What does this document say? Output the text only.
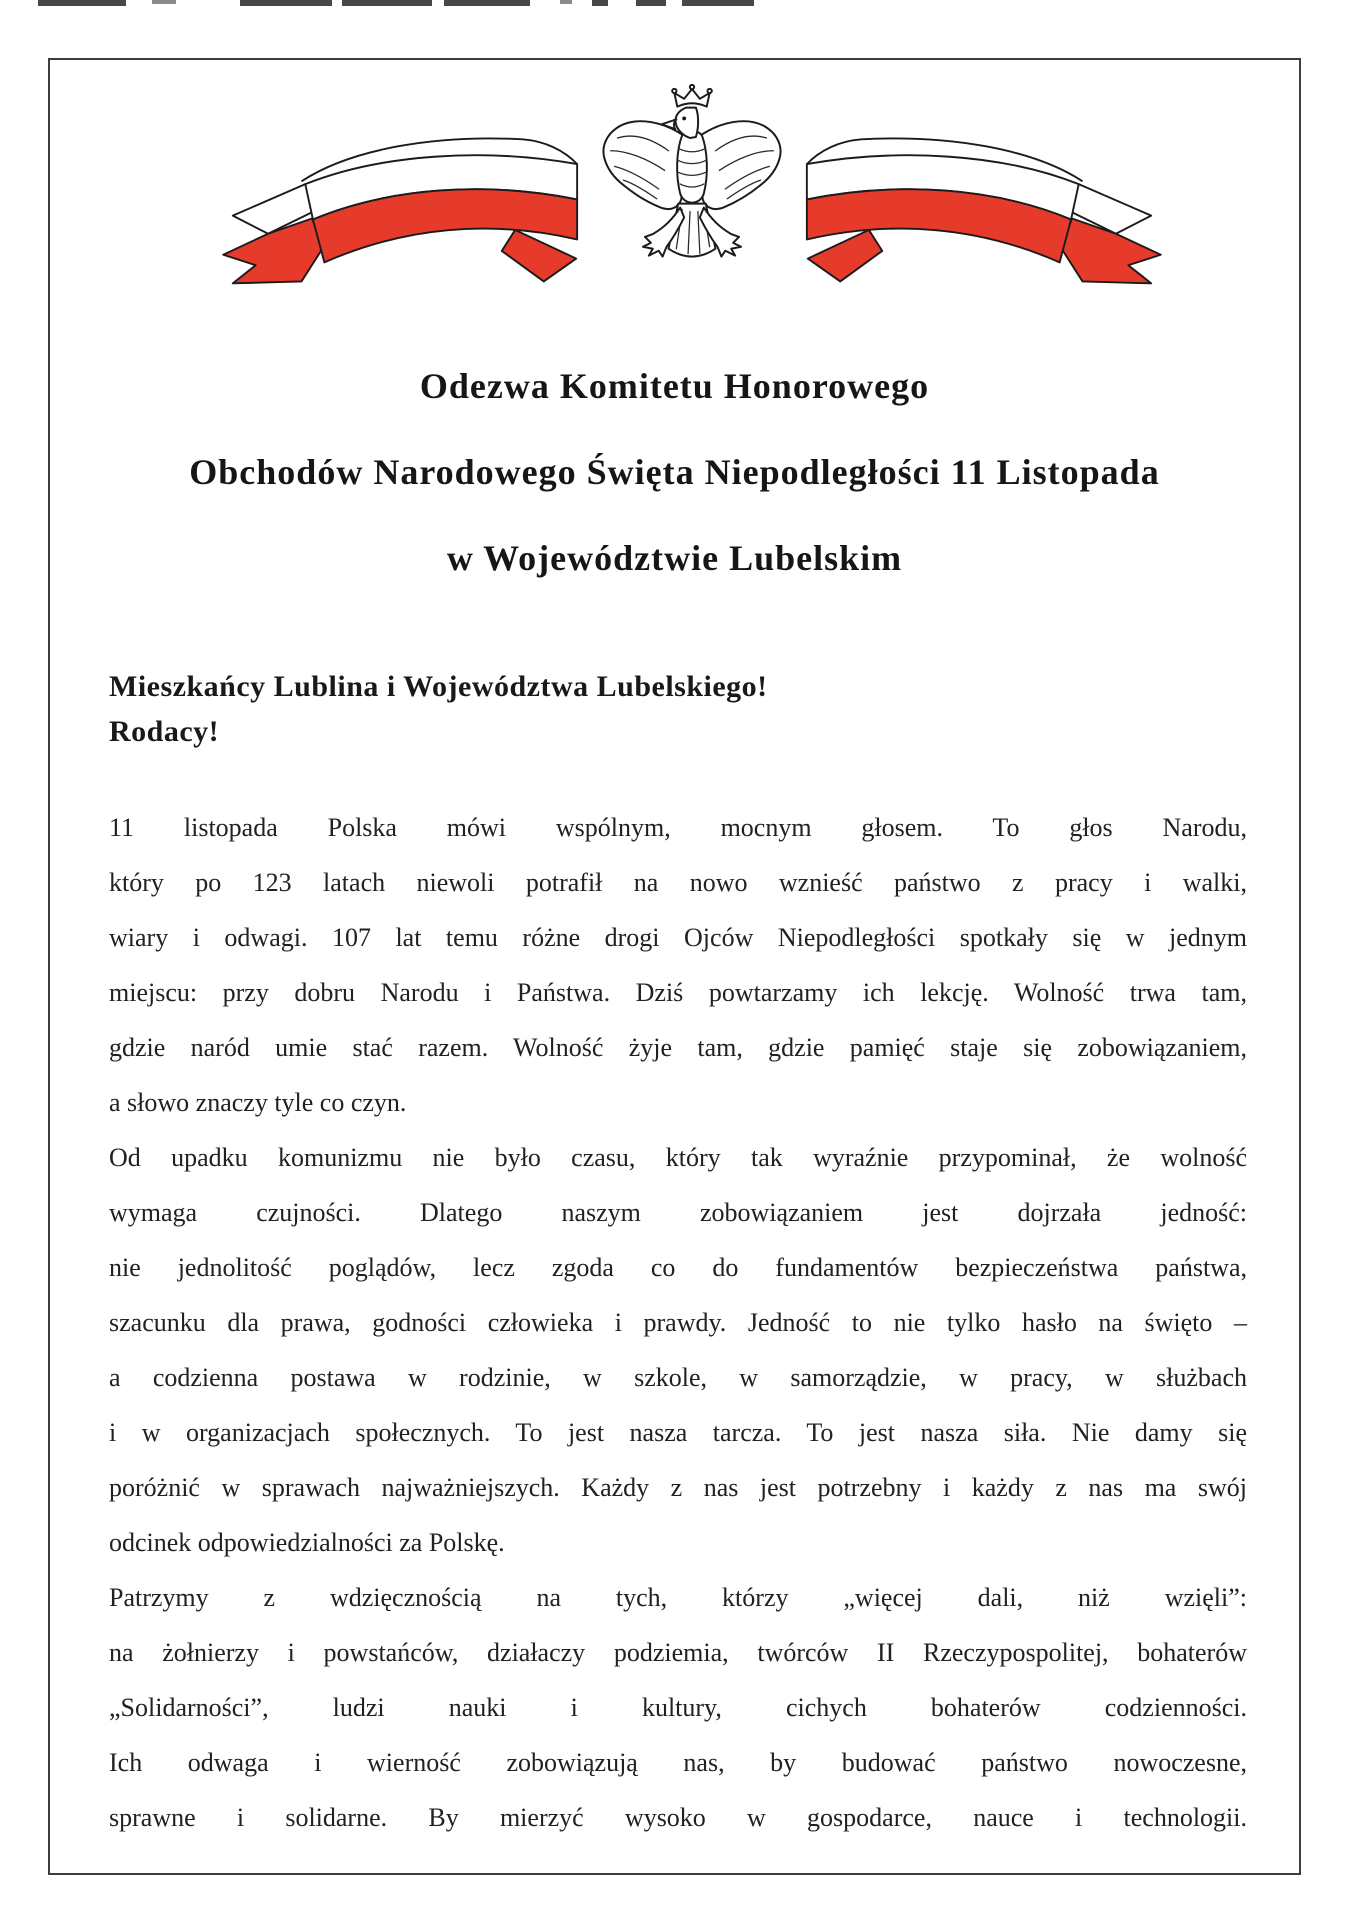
Odezwa Komitetu Honorowego
Obchodów Narodowego Święta Niepodległości 11 Listopada
w Województwie Lubelskim
Mieszkańcy Lublina i Województwa Lubelskiego!
Rodacy!
11 listopada Polska mówi wspólnym, mocnym głosem. To głos Narodu,
który po 123 latach niewoli potrafił na nowo wznieść państwo z pracy i walki,
wiary i odwagi. 107 lat temu różne drogi Ojców Niepodległości spotkały się w jednym
miejscu: przy dobru Narodu i Państwa. Dziś powtarzamy ich lekcję. Wolność trwa tam,
gdzie naród umie stać razem. Wolność żyje tam, gdzie pamięć staje się zobowiązaniem,
a słowo znaczy tyle co czyn.
Od upadku komunizmu nie było czasu, który tak wyraźnie przypominał, że wolność
wymaga czujności. Dlatego naszym zobowiązaniem jest dojrzała jedność:
nie jednolitość poglądów, lecz zgoda co do fundamentów bezpieczeństwa państwa,
szacunku dla prawa, godności człowieka i prawdy. Jedność to nie tylko hasło na święto –
a codzienna postawa w rodzinie, w szkole, w samorządzie, w pracy, w służbach
i w organizacjach społecznych. To jest nasza tarcza. To jest nasza siła. Nie damy się
poróżnić w sprawach najważniejszych. Każdy z nas jest potrzebny i każdy z nas ma swój
odcinek odpowiedzialności za Polskę.
Patrzymy z wdzięcznością na tych, którzy „więcej dali, niż wzięli”:
na żołnierzy i powstańców, działaczy podziemia, twórców II Rzeczypospolitej, bohaterów
„Solidarności”, ludzi nauki i kultury, cichych bohaterów codzienności.
Ich odwaga i wierność zobowiązują nas, by budować państwo nowoczesne,
sprawne i solidarne. By mierzyć wysoko w gospodarce, nauce i technologii.
